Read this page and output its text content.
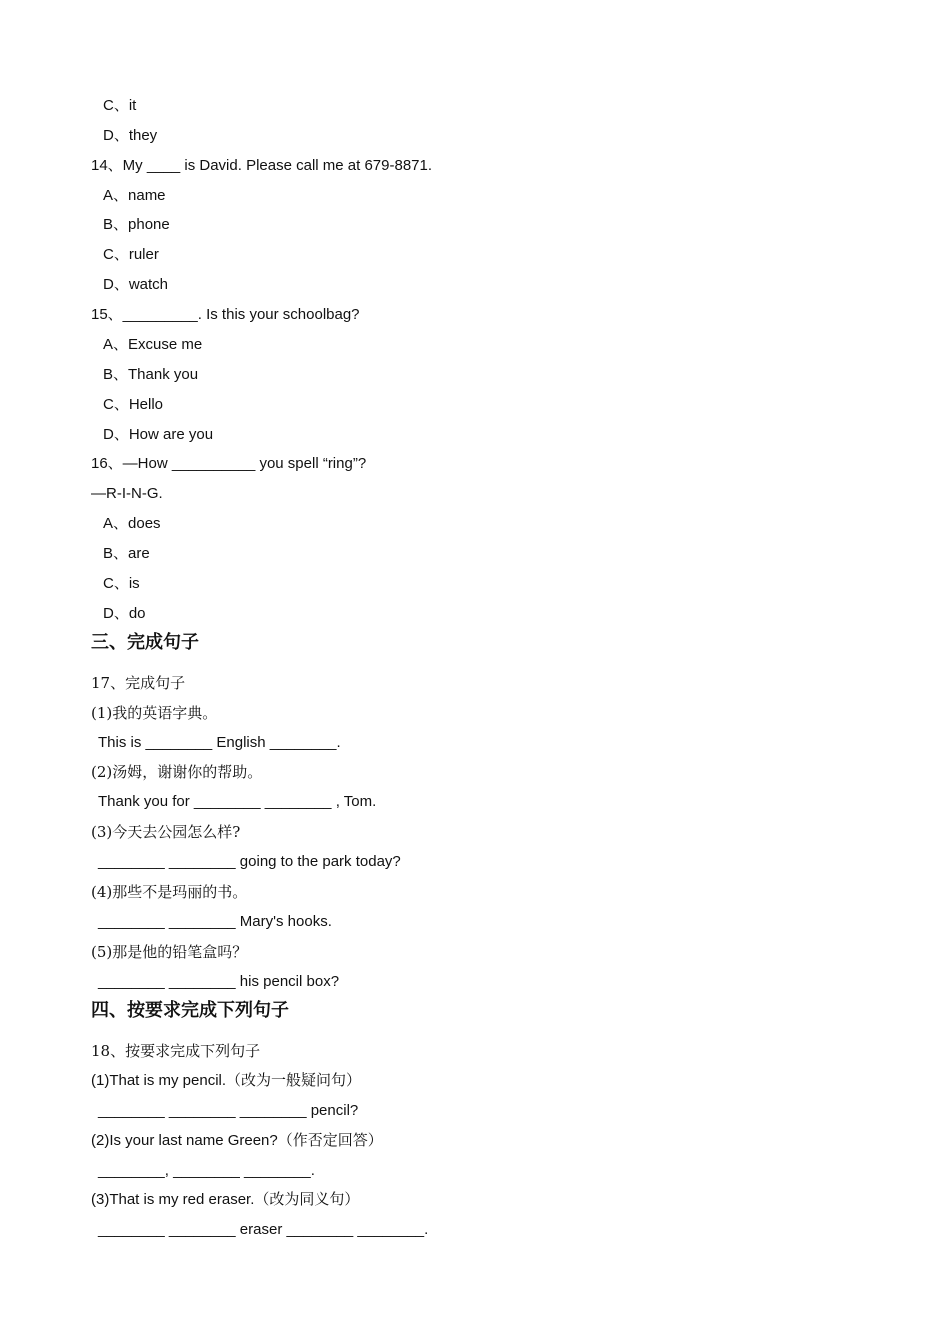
C、it
D、they
14、My ____ is David. Please call me at 679-8871.
A、name
B、phone
C、ruler
D、watch
15、_________. Is this your schoolbag?
A、Excuse me
B、Thank you
C、Hello
D、How are you
16、—How __________ you spell “ring”?
—R-I-N-G.
A、does
B、are
C、is
D、do
三、完成句子
17、完成句子
(1)我的英语字典。
This is ________ English ________.
(2)汤姆，谢谢你的帮助。
Thank you for ________ ________ , Tom.
(3)今天去公园怎么样?
________ ________ going to the park today?
(4)那些不是玛丽的书。
________ ________ Mary's hooks.
(5)那是他的铅笔盒吗？
________ ________ his pencil box?
四、按要求完成下列句子
18、按要求完成下列句子
(1)That is my pencil.（改为一般疑问句）
________ ________ ________ pencil?
(2)Is your last name Green?（作否定回答）
________, ________ ________.
(3)That is my red eraser.（改为同义句）
________ ________ eraser ________ ________.
